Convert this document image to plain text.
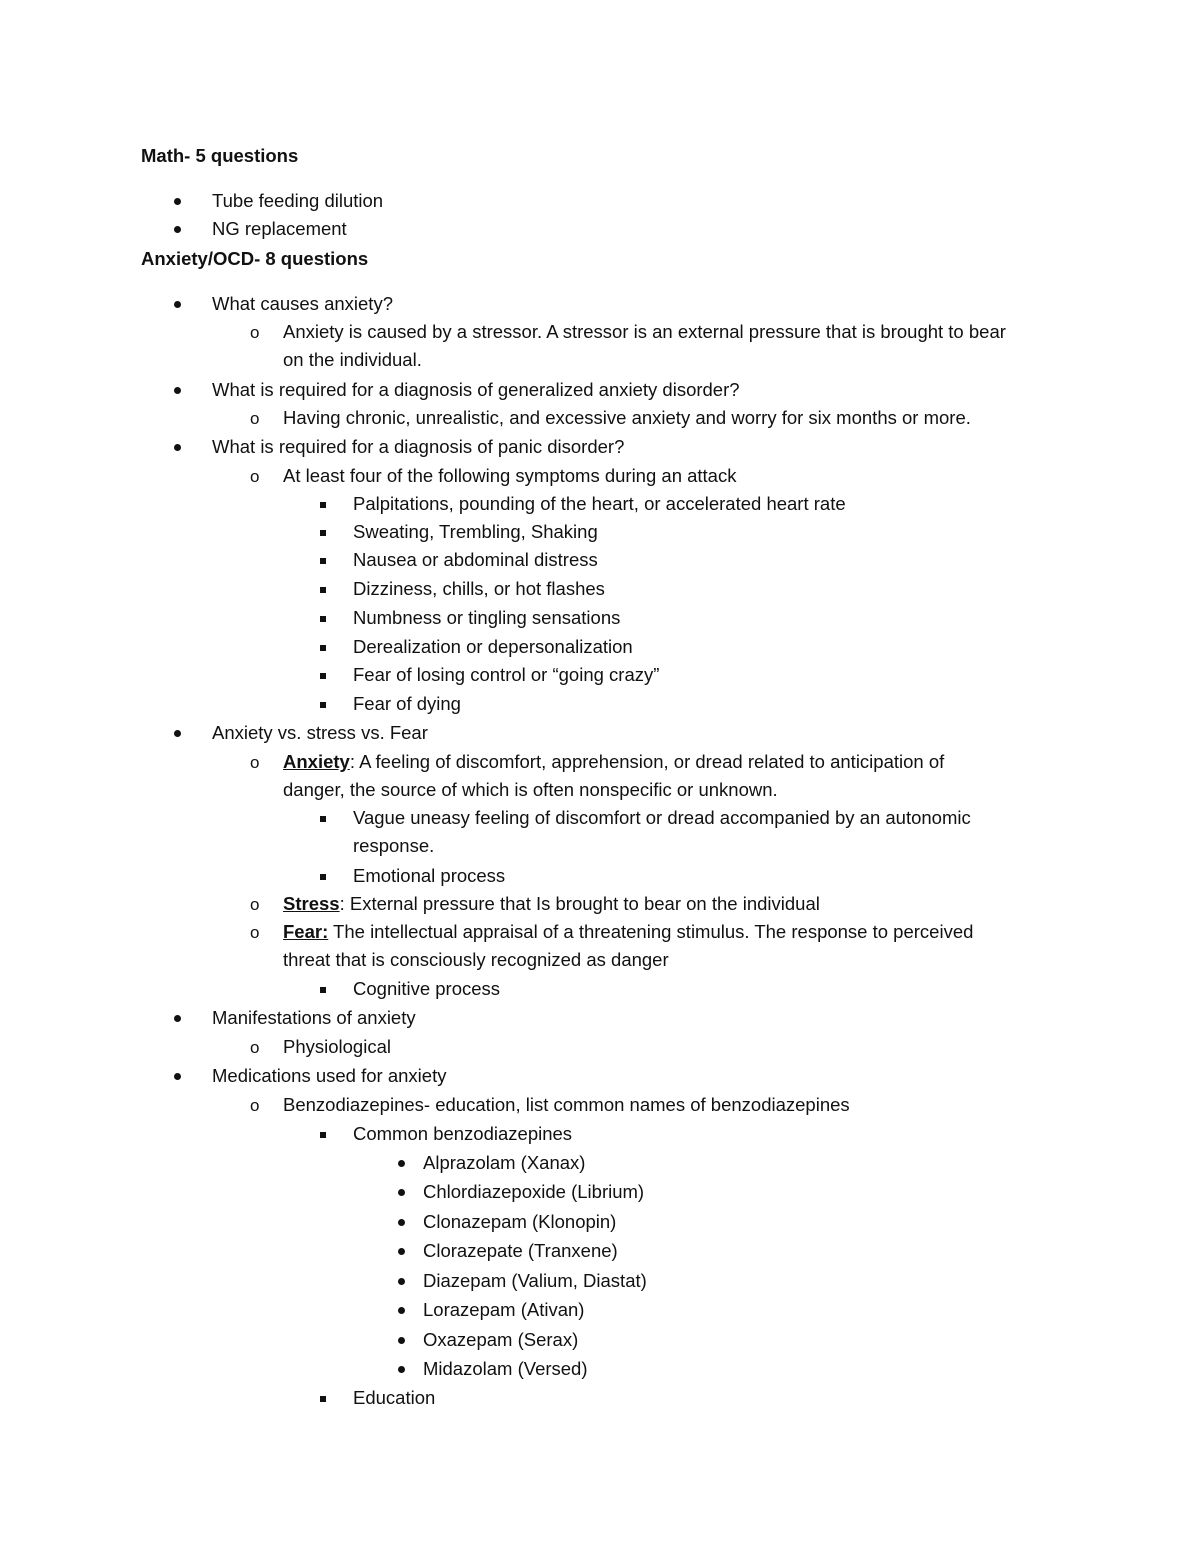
Math- 5 questions
Tube feeding dilution
NG replacement
Anxiety/OCD- 8 questions
What causes anxiety?
o Anxiety is caused by a stressor. A stressor is an external pressure that is brought to bear
on the individual.
What is required for a diagnosis of generalized anxiety disorder?
o Having chronic, unrealistic, and excessive anxiety and worry for six months or more.
What is required for a diagnosis of panic disorder?
o At least four of the following symptoms during an attack
Palpitations, pounding of the heart, or accelerated heart rate
Sweating, Trembling, Shaking
Nausea or abdominal distress
Dizziness, chills, or hot flashes
Numbness or tingling sensations
Derealization or depersonalization
Fear of losing control or “going crazy”
Fear of dying
Anxiety vs. stress vs. Fear
o Anxiety: A feeling of discomfort, apprehension, or dread related to anticipation of
danger, the source of which is often nonspecific or unknown.
Vague uneasy feeling of discomfort or dread accompanied by an autonomic
response.
Emotional process
o Stress: External pressure that Is brought to bear on the individual
o Fear: The intellectual appraisal of a threatening stimulus. The response to perceived
threat that is consciously recognized as danger
Cognitive process
Manifestations of anxiety
o Physiological
Medications used for anxiety
o Benzodiazepines- education, list common names of benzodiazepines
Common benzodiazepines
Alprazolam (Xanax)
Chlordiazepoxide (Librium)
Clonazepam (Klonopin)
Clorazepate (Tranxene)
Diazepam (Valium, Diastat)
Lorazepam (Ativan)
Oxazepam (Serax)
Midazolam (Versed)
Education
